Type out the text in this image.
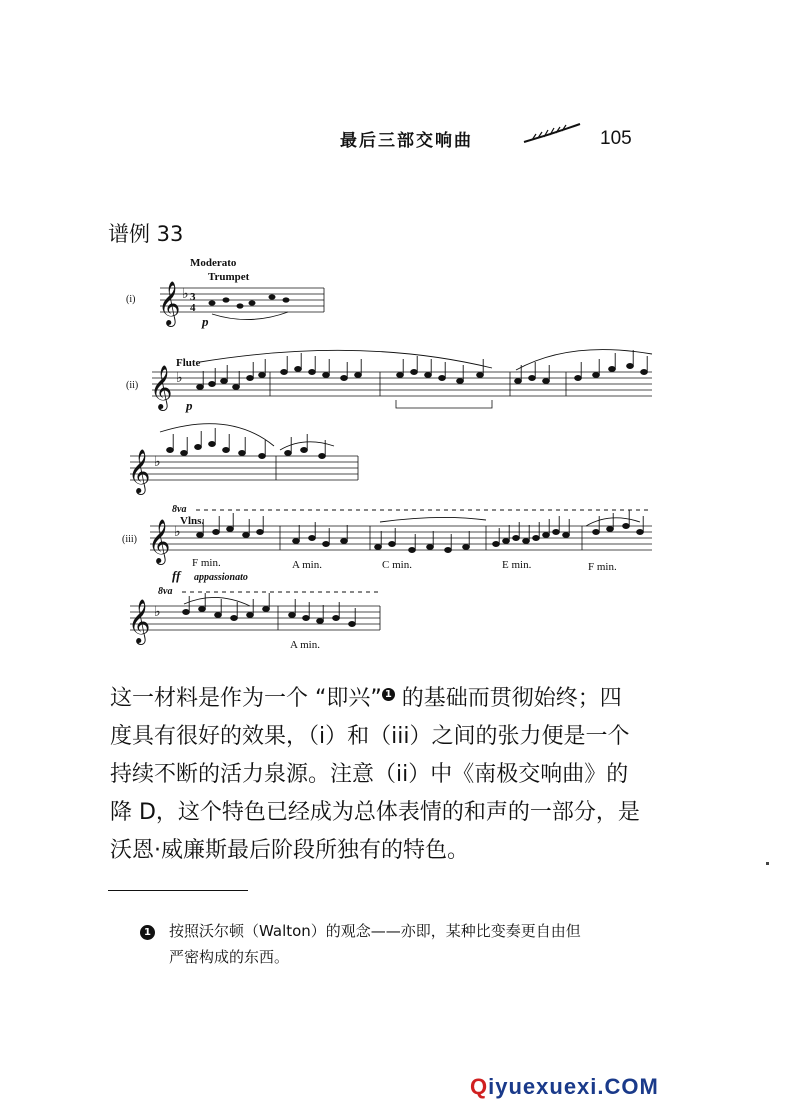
最后三部交响曲	105
谱例 33
Moderato
Trumpet
(i) 𝄞 ♭ 3
4
p
Flute
(ii) 𝄞 ♭
p
𝄞 ♭
8va
Vlns.
(iii) 𝄞 ♭
F min.	A min.	C min.	E min.	F min.
ff appassionato
8va
𝄞 ♭
A min.
这一材料是作为一个 “即兴” 1 的基础而贯彻始终；四
度具有很好的效果，（i）和（iii）之间的张力便是一个
持续不断的活力泉源。注意（ii）中《南极交响曲》的
降 D，这个特色已经成为总体表情的和声的一部分，是
沃恩·威廉斯最后阶段所独有的特色。
1 按照沃尔顿（Walton）的观念——亦即，某种比变奏更自由但
严密构成的东西。
Qiyuexuexi.COM
